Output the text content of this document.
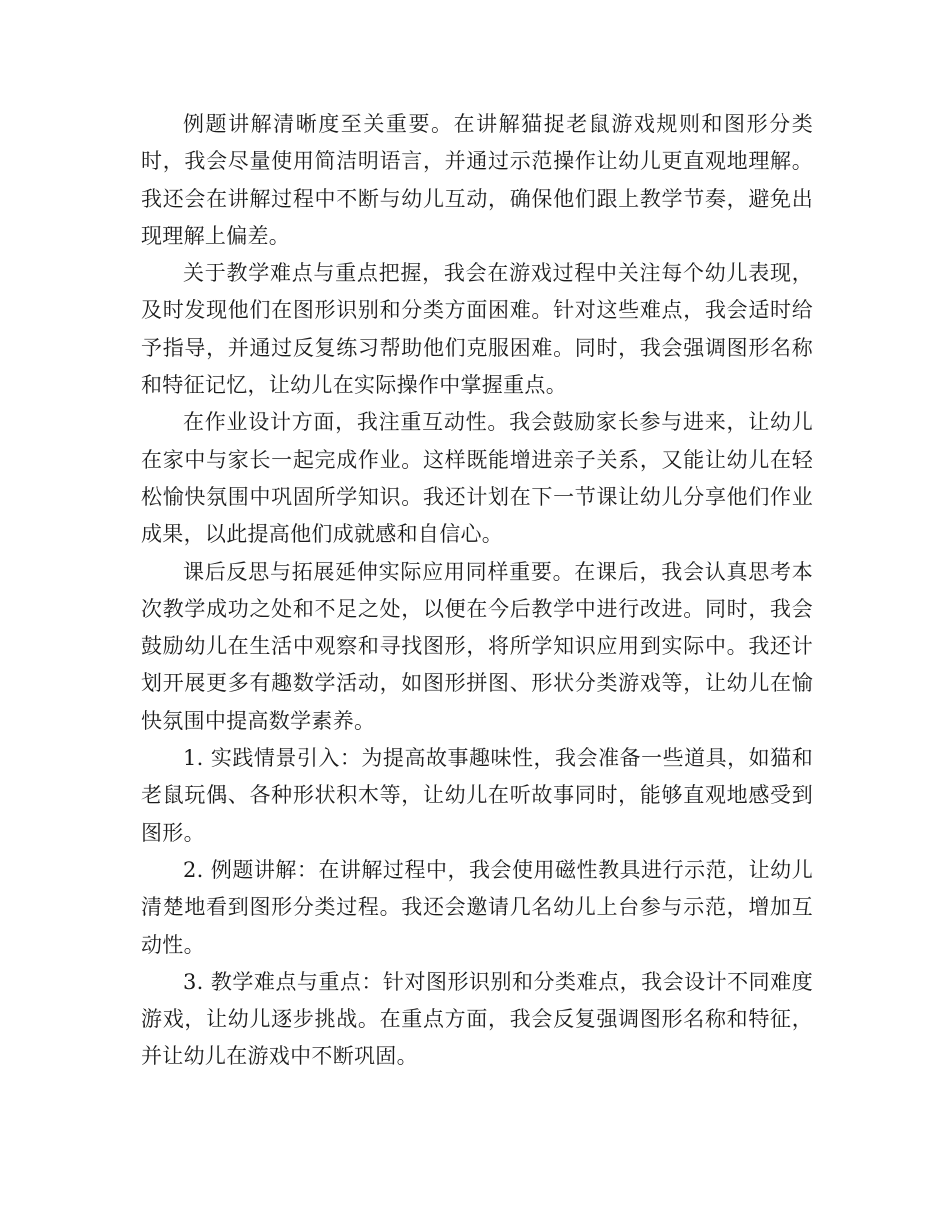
例题讲解清晰度至关重要。在讲解猫捉老鼠游戏规则和图形分类时，我会尽量使用简洁明语言，并通过示范操作让幼儿更直观地理解。我还会在讲解过程中不断与幼儿互动，确保他们跟上教学节奏，避免出现理解上偏差。

关于教学难点与重点把握，我会在游戏过程中关注每个幼儿表现，及时发现他们在图形识别和分类方面困难。针对这些难点，我会适时给予指导，并通过反复练习帮助他们克服困难。同时，我会强调图形名称和特征记忆，让幼儿在实际操作中掌握重点。

在作业设计方面，我注重互动性。我会鼓励家长参与进来，让幼儿在家中与家长一起完成作业。这样既能增进亲子关系，又能让幼儿在轻松愉快氛围中巩固所学知识。我还计划在下一节课让幼儿分享他们作业成果，以此提高他们成就感和自信心。

课后反思与拓展延伸实际应用同样重要。在课后，我会认真思考本次教学成功之处和不足之处，以便在今后教学中进行改进。同时，我会鼓励幼儿在生活中观察和寻找图形，将所学知识应用到实际中。我还计划开展更多有趣数学活动，如图形拼图、形状分类游戏等，让幼儿在愉快氛围中提高数学素养。

1. 实践情景引入：为提高故事趣味性，我会准备一些道具，如猫和老鼠玩偶、各种形状积木等，让幼儿在听故事同时，能够直观地感受到图形。

2. 例题讲解：在讲解过程中，我会使用磁性教具进行示范，让幼儿清楚地看到图形分类过程。我还会邀请几名幼儿上台参与示范，增加互动性。

3. 教学难点与重点：针对图形识别和分类难点，我会设计不同难度游戏，让幼儿逐步挑战。在重点方面，我会反复强调图形名称和特征，并让幼儿在游戏中不断巩固。
